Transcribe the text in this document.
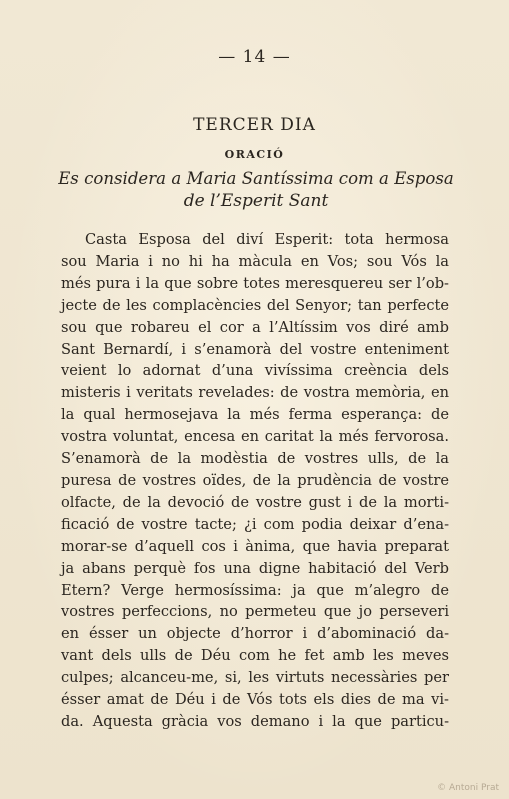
— 14 —
TERCER DIA
ORACIÓ
Es considera a Maria Santíssima com a Esposa
de l’Esperit Sant
Casta Esposa del diví Esperit: tota hermosa
sou Maria i no hi ha màcula en Vos; sou Vós la
més pura i la que sobre totes meresquereu ser l’ob-
jecte de les complacències del Senyor; tan perfecte
sou que robareu el cor a l’Altíssim vos diré amb
Sant Bernardí, i s’enamorà del vostre enteniment
veient lo adornat d’una vivíssima creència dels
misteris i veritats revelades: de vostra memòria, en
la qual hermosejava la més ferma esperança: de
vostra voluntat, encesa en caritat la més fervorosa.
S’enamorà de la modèstia de vostres ulls, de la
puresa de vostres oïdes, de la prudència de vostre
olfacte, de la devoció de vostre gust i de la morti-
ficació de vostre tacte; ¿i com podia deixar d’ena-
morar-se d’aquell cos i ànima, que havia preparat
ja abans perquè fos una digne habitació del Verb
Etern? Verge hermosíssima: ja que m’alegro de
vostres perfeccions, no permeteu que jo perseveri
en ésser un objecte d’horror i d’abominació da-
vant dels ulls de Déu com he fet amb les meves
culpes; alcanceu-me, si, les virtuts necessàries per
ésser amat de Déu i de Vós tots els dies de ma vi-
da. Aquesta gràcia vos demano i la que particu-
© Antoni Prat
